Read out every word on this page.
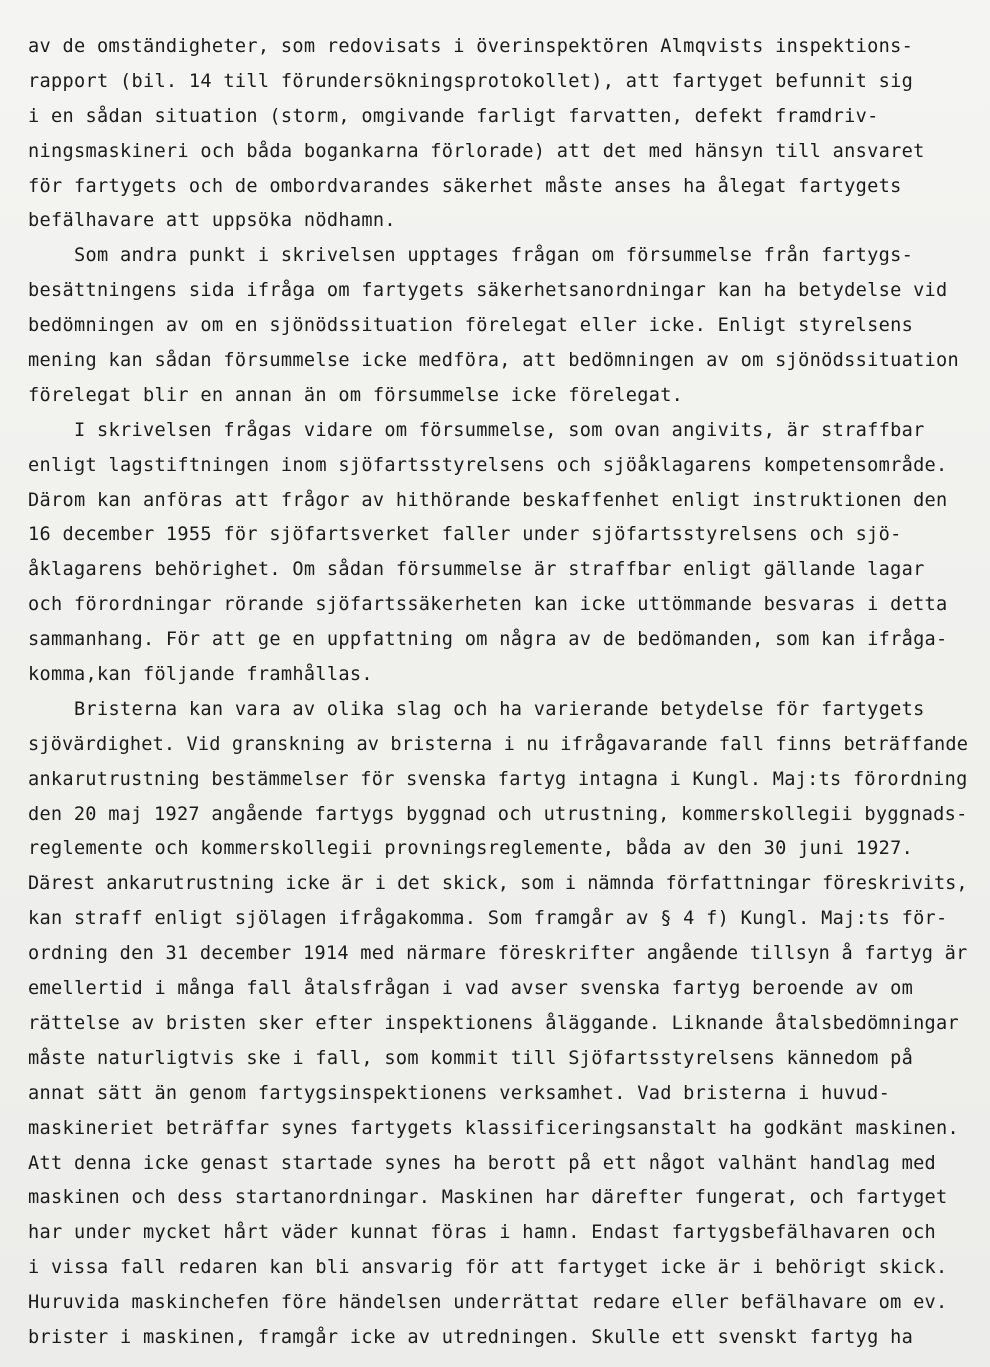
av de omständigheter, som redovisats i överinspektören Almqvists inspektions-
rapport (bil. 14 till förundersökningsprotokollet), att fartyget befunnit sig
i en sådan situation (storm, omgivande farligt farvatten, defekt framdriv-
ningsmaskineri och båda bogankarna förlorade) att det med hänsyn till ansvaret
för fartygets och de ombordvarandes säkerhet måste anses ha ålegat fartygets
befälhavare att uppsöka nödhamn.
Som andra punkt i skrivelsen upptages frågan om försummelse från fartygs-
besättningens sida ifråga om fartygets säkerhetsanordningar kan ha betydelse vid
bedömningen av om en sjönödssituation förelegat eller icke. Enligt styrelsens
mening kan sådan försummelse icke medföra, att bedömningen av om sjönödssituation
förelegat blir en annan än om försummelse icke förelegat.
I skrivelsen frågas vidare om försummelse, som ovan angivits, är straffbar
enligt lagstiftningen inom sjöfartsstyrelsens och sjöåklagarens kompetensområde.
Därom kan anföras att frågor av hithörande beskaffenhet enligt instruktionen den
16 december 1955 för sjöfartsverket faller under sjöfartsstyrelsens och sjö-
åklagarens behörighet. Om sådan försummelse är straffbar enligt gällande lagar
och förordningar rörande sjöfartssäkerheten kan icke uttömmande besvaras i detta
sammanhang. För att ge en uppfattning om några av de bedömanden, som kan ifråga-
komma,kan följande framhållas.
Bristerna kan vara av olika slag och ha varierande betydelse för fartygets
sjövärdighet. Vid granskning av bristerna i nu ifrågavarande fall finns beträffande
ankarutrustning bestämmelser för svenska fartyg intagna i Kungl. Maj:ts förordning
den 20 maj 1927 angående fartygs byggnad och utrustning, kommerskollegii byggnads-
reglemente och kommerskollegii provningsreglemente, båda av den 30 juni 1927.
Därest ankarutrustning icke är i det skick, som i nämnda författningar föreskrivits,
kan straff enligt sjölagen ifrågakomma. Som framgår av § 4 f) Kungl. Maj:ts för-
ordning den 31 december 1914 med närmare föreskrifter angående tillsyn å fartyg är
emellertid i många fall åtalsfrågan i vad avser svenska fartyg beroende av om
rättelse av bristen sker efter inspektionens åläggande. Liknande åtalsbedömningar
måste naturligtvis ske i fall, som kommit till Sjöfartsstyrelsens kännedom på
annat sätt än genom fartygsinspektionens verksamhet. Vad bristerna i huvud-
maskineriet beträffar synes fartygets klassificeringsanstalt ha godkänt maskinen.
Att denna icke genast startade synes ha berott på ett något valhänt handlag med
maskinen och dess startanordningar. Maskinen har därefter fungerat, och fartyget
har under mycket hårt väder kunnat föras i hamn. Endast fartygsbefälhavaren och
i vissa fall redaren kan bli ansvarig för att fartyget icke är i behörigt skick.
Huruvida maskinchefen före händelsen underrättat redare eller befälhavare om ev.
brister i maskinen, framgår icke av utredningen. Skulle ett svenskt fartyg ha
